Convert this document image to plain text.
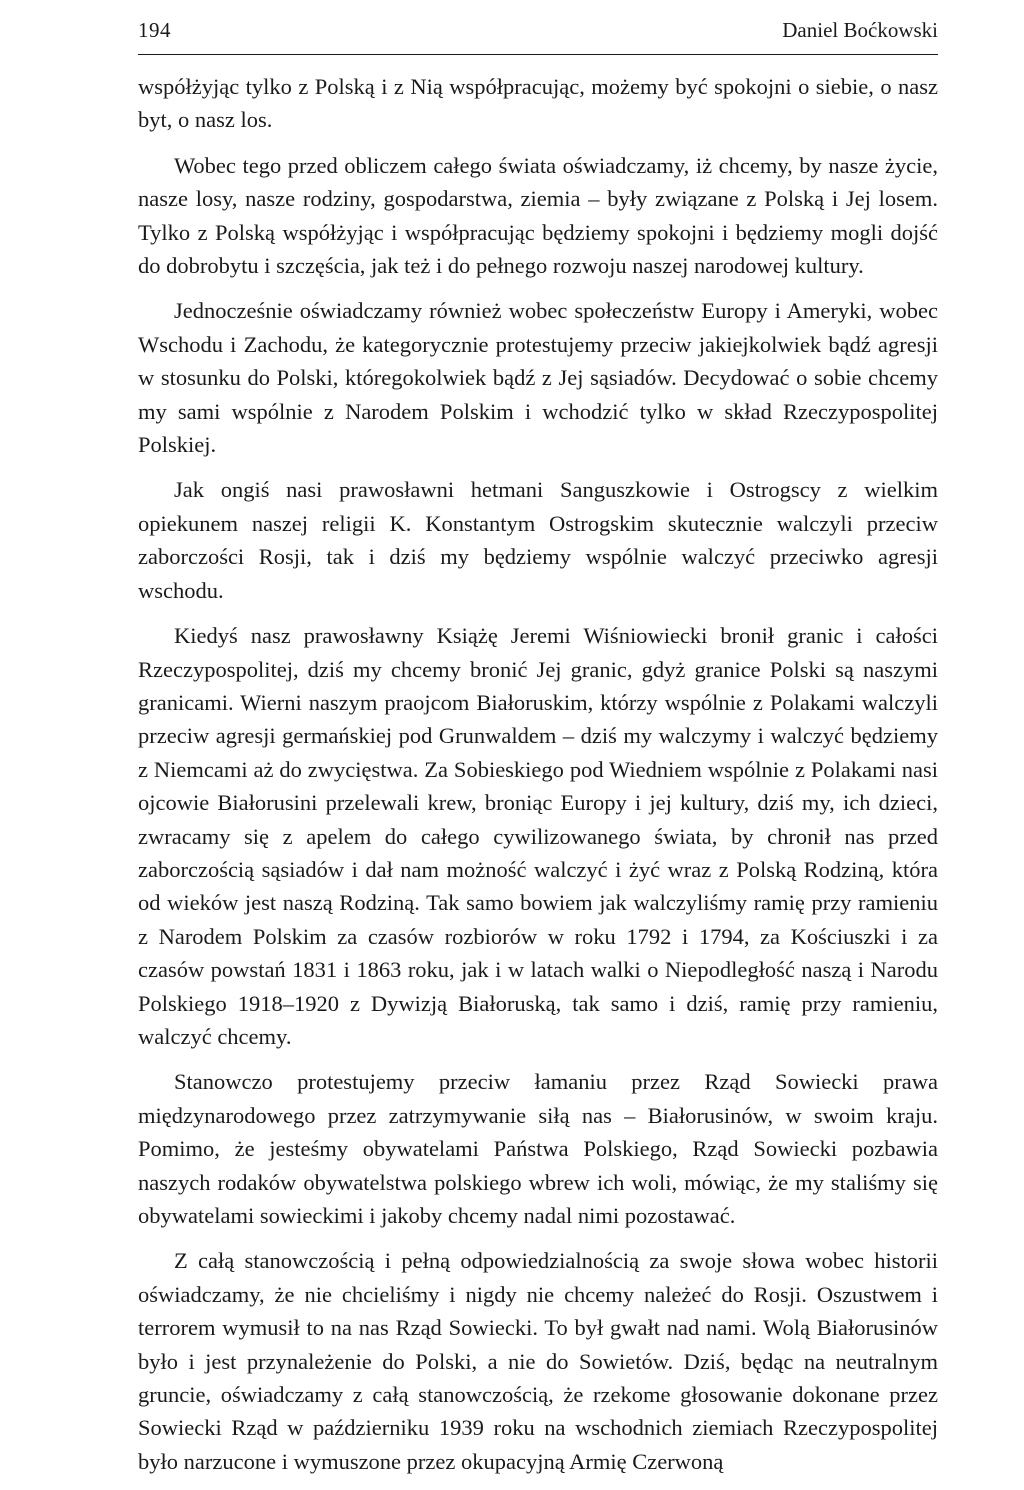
194	Daniel Boćkowski

współżyjąc tylko z Polską i z Nią współpracując, możemy być spokojni o siebie, o nasz byt, o nasz los.

Wobec tego przed obliczem całego świata oświadczamy, iż chcemy, by nasze życie, nasze losy, nasze rodziny, gospodarstwa, ziemia – były związane z Polską i Jej losem. Tylko z Polską współżyjąc i współpracując będziemy spokojni i będziemy mogli dojść do dobrobytu i szczęścia, jak też i do pełnego rozwoju naszej narodowej kultury.

Jednocześnie oświadczamy również wobec społeczeństw Europy i Ameryki, wobec Wschodu i Zachodu, że kategorycznie protestujemy przeciw jakiejkolwiek bądź agresji w stosunku do Polski, któregokolwiek bądź z Jej sąsiadów. Decydować o sobie chcemy my sami wspólnie z Narodem Polskim i wchodzić tylko w skład Rzeczypospolitej Polskiej.

Jak ongiś nasi prawosławni hetmani Sanguszkowie i Ostrogscy z wielkim opiekunem naszej religii K. Konstantym Ostrogskim skutecznie walczyli przeciw zaborczości Rosji, tak i dziś my będziemy wspólnie walczyć przeciwko agresji wschodu.

Kiedyś nasz prawosławny Książę Jeremi Wiśniowiecki bronił granic i całości Rzeczypospolitej, dziś my chcemy bronić Jej granic, gdyż granice Polski są naszymi granicami. Wierni naszym praojcom Białoruskim, którzy wspólnie z Polakami walczyli przeciw agresji germańskiej pod Grunwaldem – dziś my walczymy i walczyć będziemy z Niemcami aż do zwycięstwa. Za Sobieskiego pod Wiedniem wspólnie z Polakami nasi ojcowie Białorusini przelewali krew, broniąc Europy i jej kultury, dziś my, ich dzieci, zwracamy się z apelem do całego cywilizowanego świata, by chronił nas przed zaborczością sąsiadów i dał nam możność walczyć i żyć wraz z Polską Rodziną, która od wieków jest naszą Rodziną. Tak samo bowiem jak walczyliśmy ramię przy ramieniu z Narodem Polskim za czasów rozbiorów w roku 1792 i 1794, za Kościuszki i za czasów powstań 1831 i 1863 roku, jak i w latach walki o Niepodległość naszą i Narodu Polskiego 1918–1920 z Dywizją Białoruską, tak samo i dziś, ramię przy ramieniu, walczyć chcemy.

Stanowczo protestujemy przeciw łamaniu przez Rząd Sowiecki prawa międzynarodowego przez zatrzymywanie siłą nas – Białorusinów, w swoim kraju. Pomimo, że jesteśmy obywatelami Państwa Polskiego, Rząd Sowiecki pozbawia naszych rodaków obywatelstwa polskiego wbrew ich woli, mówiąc, że my staliśmy się obywatelami sowieckimi i jakoby chcemy nadal nimi pozostawać.

Z całą stanowczością i pełną odpowiedzialnością za swoje słowa wobec historii oświadczamy, że nie chcieliśmy i nigdy nie chcemy należeć do Rosji. Oszustwem i terrorem wymusił to na nas Rząd Sowiecki. To był gwałt nad nami. Wolą Białorusinów było i jest przynależenie do Polski, a nie do Sowietów. Dziś, będąc na neutralnym gruncie, oświadczamy z całą stanowczością, że rzekome głosowanie dokonane przez Sowiecki Rząd w październiku 1939 roku na wschodnich ziemiach Rzeczypospolitej było narzucone i wymuszone przez okupacyjną Armię Czerwoną
